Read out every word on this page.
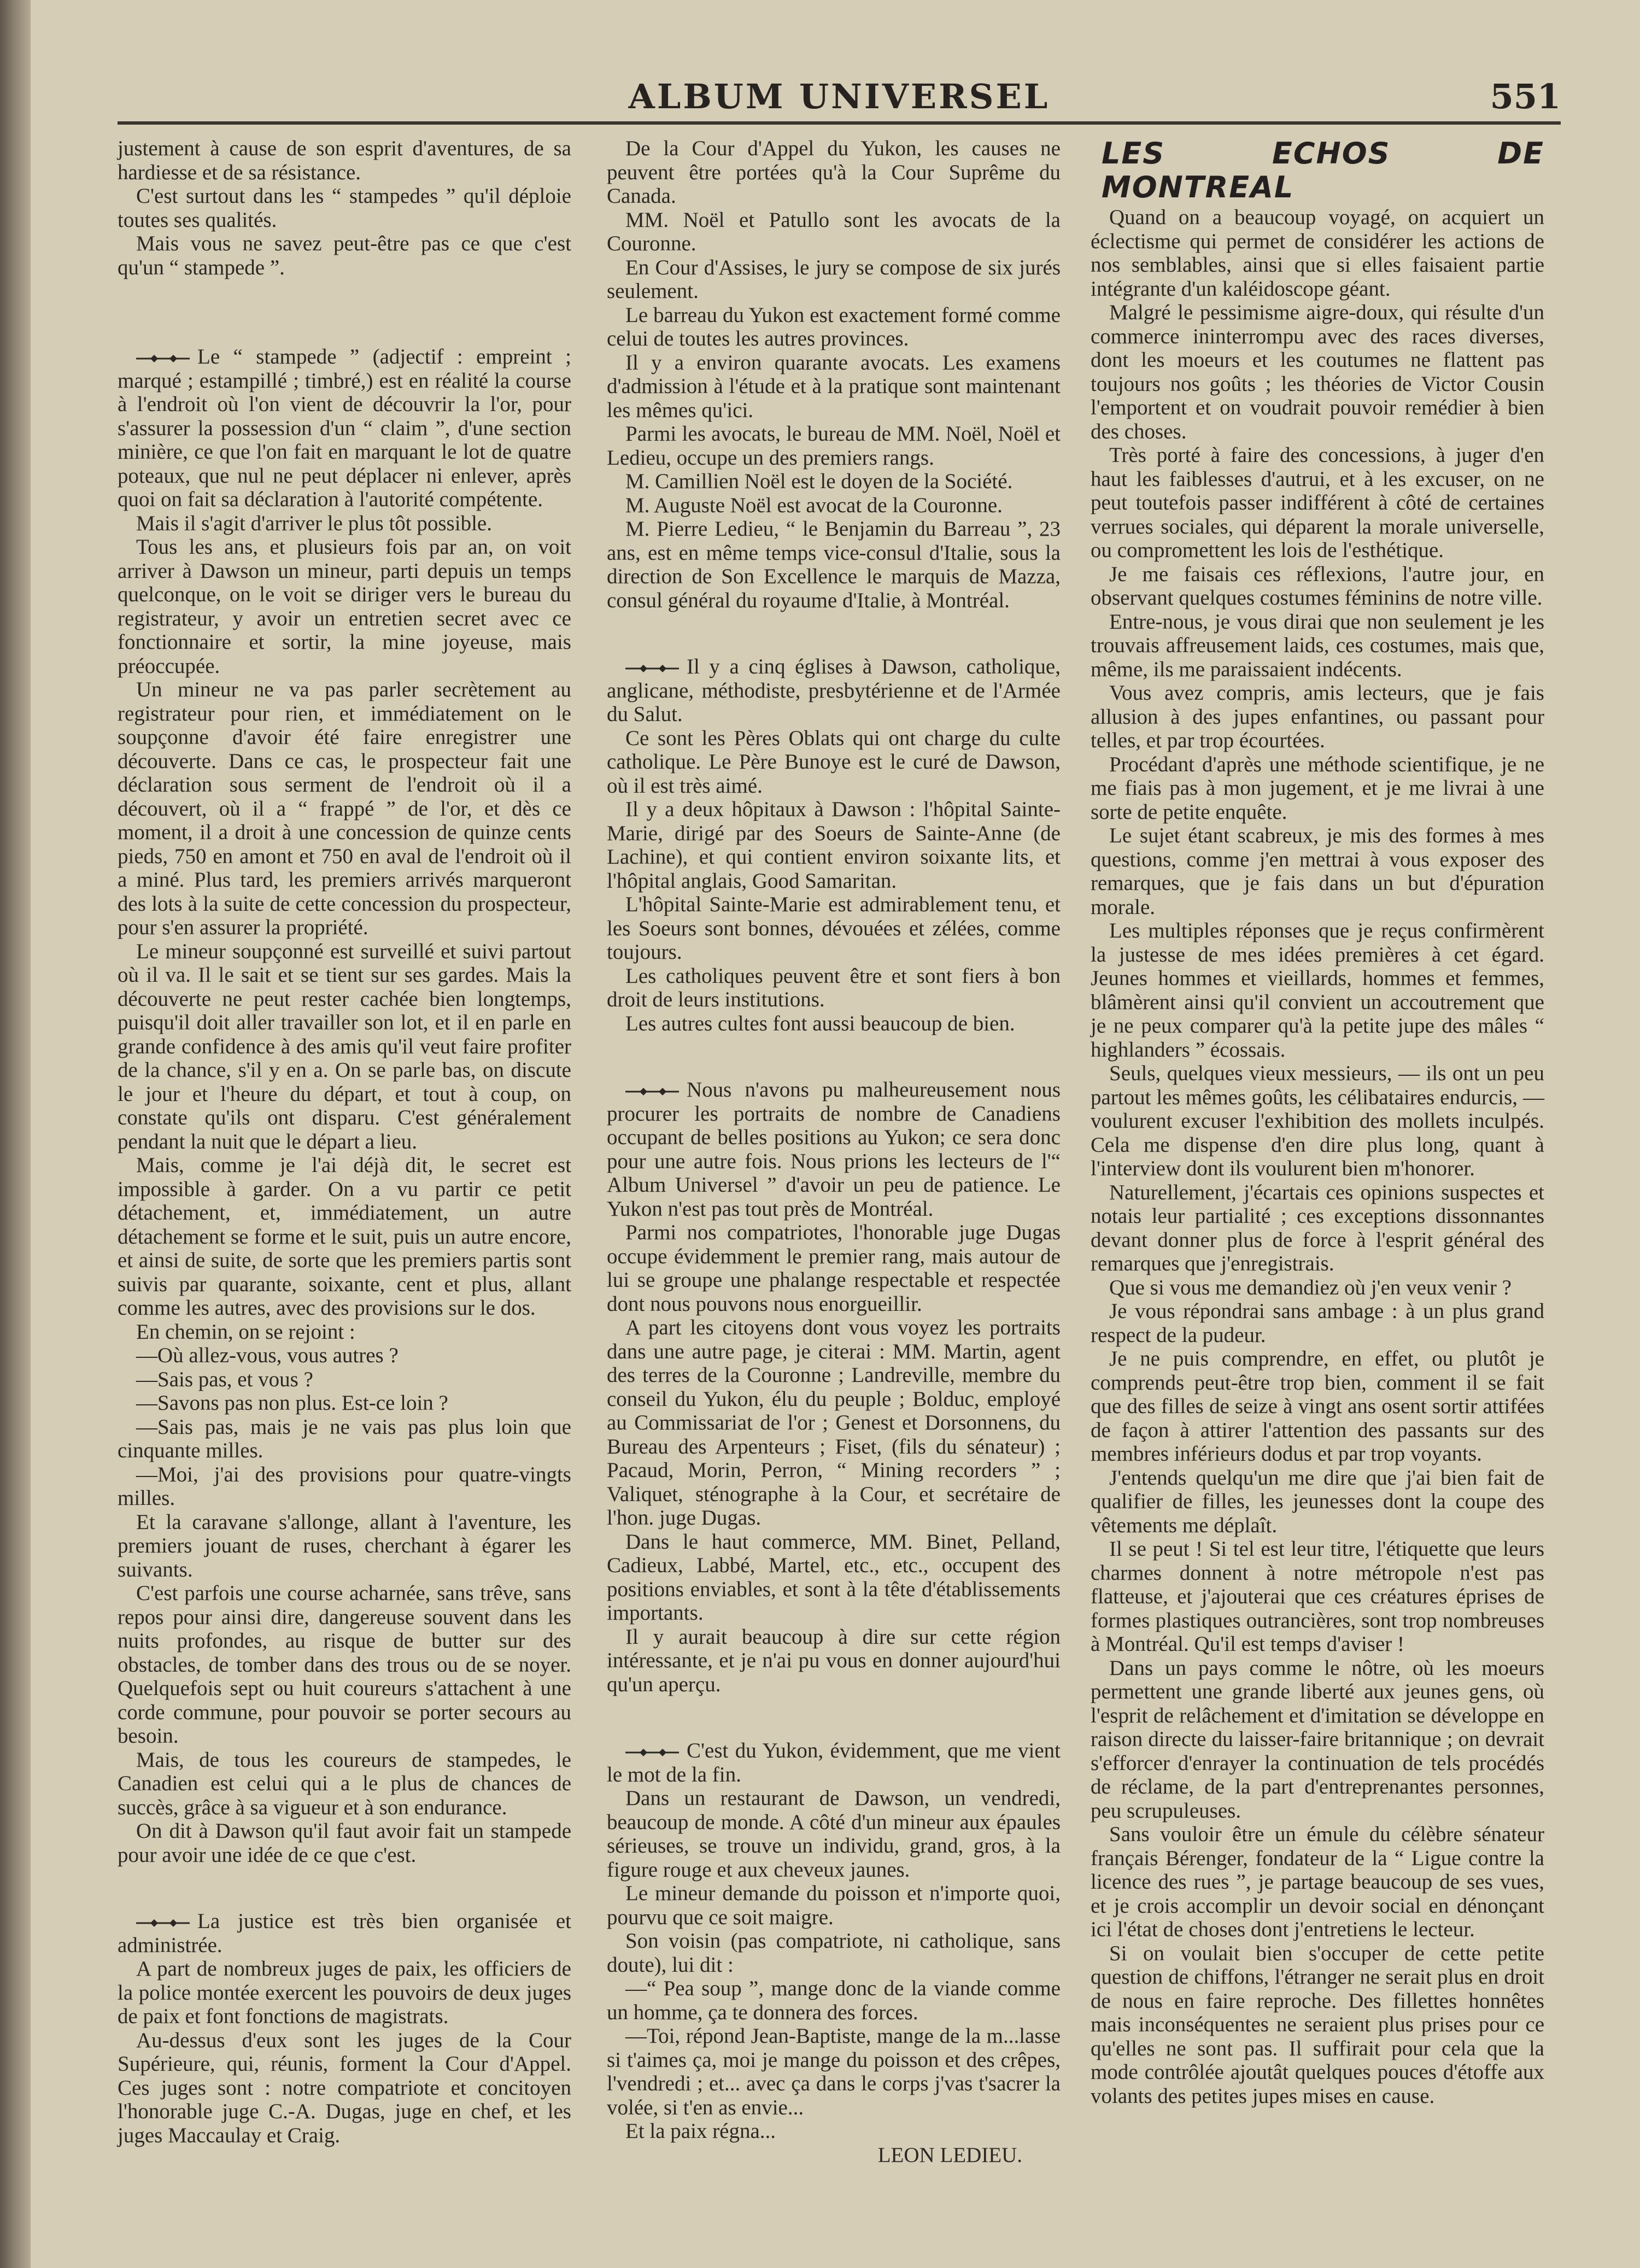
ALBUM UNIVERSEL	551

justement à cause de son esprit d'aventures, de sa hardiesse et de sa résistance.

C'est surtout dans les “ stampedes ” qu'il déploie toutes ses qualités.

Mais vous ne savez peut-être pas ce que c'est qu'un “ stampede ”.

Le “ stampede ” (adjectif : empreint ; marqué ; estampillé ; timbré,) est en réalité la course à l'endroit où l'on vient de découvrir la l'or, pour s'assurer la possession d'un “ claim ”, d'une section minière, ce que l'on fait en marquant le lot de quatre poteaux, que nul ne peut déplacer ni enlever, après quoi on fait sa déclaration à l'autorité compétente.

Mais il s'agit d'arriver le plus tôt possible.

Tous les ans, et plusieurs fois par an, on voit arriver à Dawson un mineur, parti depuis un temps quelconque, on le voit se diriger vers le bureau du registrateur, y avoir un entretien secret avec ce fonctionnaire et sortir, la mine joyeuse, mais préoccupée.

Un mineur ne va pas parler secrètement au registrateur pour rien, et immédiatement on le soupçonne d'avoir été faire enregistrer une découverte. Dans ce cas, le prospecteur fait une déclaration sous serment de l'endroit où il a découvert, où il a “ frappé ” de l'or, et dès ce moment, il a droit à une concession de quinze cents pieds, 750 en amont et 750 en aval de l'endroit où il a miné. Plus tard, les premiers arrivés marqueront des lots à la suite de cette concession du prospecteur, pour s'en assurer la propriété.

Le mineur soupçonné est surveillé et suivi partout où il va. Il le sait et se tient sur ses gardes. Mais la découverte ne peut rester cachée bien longtemps, puisqu'il doit aller travailler son lot, et il en parle en grande confidence à des amis qu'il veut faire profiter de la chance, s'il y en a. On se parle bas, on discute le jour et l'heure du départ, et tout à coup, on constate qu'ils ont disparu. C'est généralement pendant la nuit que le départ a lieu.

Mais, comme je l'ai déjà dit, le secret est impossible à garder. On a vu partir ce petit détachement, et, immédiatement, un autre détachement se forme et le suit, puis un autre encore, et ainsi de suite, de sorte que les premiers partis sont suivis par quarante, soixante, cent et plus, allant comme les autres, avec des provisions sur le dos.

En chemin, on se rejoint :

—Où allez-vous, vous autres ?

—Sais pas, et vous ?

—Savons pas non plus. Est-ce loin ?

—Sais pas, mais je ne vais pas plus loin que cinquante milles.

—Moi, j'ai des provisions pour quatre-vingts milles.

Et la caravane s'allonge, allant à l'aventure, les premiers jouant de ruses, cherchant à égarer les suivants.

C'est parfois une course acharnée, sans trêve, sans repos pour ainsi dire, dangereuse souvent dans les nuits profondes, au risque de butter sur des obstacles, de tomber dans des trous ou de se noyer. Quelquefois sept ou huit coureurs s'attachent à une corde commune, pour pouvoir se porter secours au besoin.

Mais, de tous les coureurs de stampedes, le Canadien est celui qui a le plus de chances de succès, grâce à sa vigueur et à son endurance.

On dit à Dawson qu'il faut avoir fait un stampede pour avoir une idée de ce que c'est.

La justice est très bien organisée et administrée.

A part de nombreux juges de paix, les officiers de la police montée exercent les pouvoirs de deux juges de paix et font fonctions de magistrats.

Au-dessus d'eux sont les juges de la Cour Supérieure, qui, réunis, forment la Cour d'Appel. Ces juges sont : notre compatriote et concitoyen l'honorable juge C.-A. Dugas, juge en chef, et les juges Maccaulay et Craig.

De la Cour d'Appel du Yukon, les causes ne peuvent être portées qu'à la Cour Suprême du Canada.

MM. Noël et Patullo sont les avocats de la Couronne.

En Cour d'Assises, le jury se compose de six jurés seulement.

Le barreau du Yukon est exactement formé comme celui de toutes les autres provinces.

Il y a environ quarante avocats. Les examens d'admission à l'étude et à la pratique sont maintenant les mêmes qu'ici.

Parmi les avocats, le bureau de MM. Noël, Noël et Ledieu, occupe un des premiers rangs.

M. Camillien Noël est le doyen de la Société.

M. Auguste Noël est avocat de la Couronne.

M. Pierre Ledieu, “ le Benjamin du Barreau ”, 23 ans, est en même temps vice-consul d'Italie, sous la direction de Son Excellence le marquis de Mazza, consul général du royaume d'Italie, à Montréal.

Il y a cinq églises à Dawson, catholique, anglicane, méthodiste, presbytérienne et de l'Armée du Salut.

Ce sont les Pères Oblats qui ont charge du culte catholique. Le Père Bunoye est le curé de Dawson, où il est très aimé.

Il y a deux hôpitaux à Dawson : l'hôpital Sainte-Marie, dirigé par des Soeurs de Sainte-Anne (de Lachine), et qui contient environ soixante lits, et l'hôpital anglais, Good Samaritan.

L'hôpital Sainte-Marie est admirablement tenu, et les Soeurs sont bonnes, dévouées et zélées, comme toujours.

Les catholiques peuvent être et sont fiers à bon droit de leurs institutions.

Les autres cultes font aussi beaucoup de bien.

Nous n'avons pu malheureusement nous procurer les portraits de nombre de Canadiens occupant de belles positions au Yukon; ce sera donc pour une autre fois. Nous prions les lecteurs de l'“ Album Universel ” d'avoir un peu de patience. Le Yukon n'est pas tout près de Montréal.

Parmi nos compatriotes, l'honorable juge Dugas occupe évidemment le premier rang, mais autour de lui se groupe une phalange respectable et respectée dont nous pouvons nous enorgueillir.

A part les citoyens dont vous voyez les portraits dans une autre page, je citerai : MM. Martin, agent des terres de la Couronne ; Landreville, membre du conseil du Yukon, élu du peuple ; Bolduc, employé au Commissariat de l'or ; Genest et Dorsonnens, du Bureau des Arpenteurs ; Fiset, (fils du sénateur) ; Pacaud, Morin, Perron, “ Mining recorders ” ; Valiquet, sténographe à la Cour, et secrétaire de l'hon. juge Dugas.

Dans le haut commerce, MM. Binet, Pelland, Cadieux, Labbé, Martel, etc., etc., occupent des positions enviables, et sont à la tête d'établissements importants.

Il y aurait beaucoup à dire sur cette région intéressante, et je n'ai pu vous en donner aujourd'hui qu'un aperçu.

C'est du Yukon, évidemment, que me vient le mot de la fin.

Dans un restaurant de Dawson, un vendredi, beaucoup de monde. A côté d'un mineur aux épaules sérieuses, se trouve un individu, grand, gros, à la figure rouge et aux cheveux jaunes.

Le mineur demande du poisson et n'importe quoi, pourvu que ce soit maigre.

Son voisin (pas compatriote, ni catholique, sans doute), lui dit :

—“ Pea soup ”, mange donc de la viande comme un homme, ça te donnera des forces.

—Toi, répond Jean-Baptiste, mange de la m...lasse si t'aimes ça, moi je mange du poisson et des crêpes, l'vendredi ; et... avec ça dans le corps j'vas t'sacrer la volée, si t'en as envie...

Et la paix régna...

LEON LEDIEU.

LES ECHOS DE MONTREAL

Quand on a beaucoup voyagé, on acquiert un éclectisme qui permet de considérer les actions de nos semblables, ainsi que si elles faisaient partie intégrante d'un kaléidoscope géant.

Malgré le pessimisme aigre-doux, qui résulte d'un commerce ininterrompu avec des races diverses, dont les moeurs et les coutumes ne flattent pas toujours nos goûts ; les théories de Victor Cousin l'emportent et on voudrait pouvoir remédier à bien des choses.

Très porté à faire des concessions, à juger d'en haut les faiblesses d'autrui, et à les excuser, on ne peut toutefois passer indifférent à côté de certaines verrues sociales, qui déparent la morale universelle, ou compromettent les lois de l'esthétique.

Je me faisais ces réflexions, l'autre jour, en observant quelques costumes féminins de notre ville.

Entre-nous, je vous dirai que non seulement je les trouvais affreusement laids, ces costumes, mais que, même, ils me paraissaient indécents.

Vous avez compris, amis lecteurs, que je fais allusion à des jupes enfantines, ou passant pour telles, et par trop écourtées.

Procédant d'après une méthode scientifique, je ne me fiais pas à mon jugement, et je me livrai à une sorte de petite enquête.

Le sujet étant scabreux, je mis des formes à mes questions, comme j'en mettrai à vous exposer des remarques, que je fais dans un but d'épuration morale.

Les multiples réponses que je reçus confirmèrent la justesse de mes idées premières à cet égard. Jeunes hommes et vieillards, hommes et femmes, blâmèrent ainsi qu'il convient un accoutrement que je ne peux comparer qu'à la petite jupe des mâles “ highlanders ” écossais.

Seuls, quelques vieux messieurs, — ils ont un peu partout les mêmes goûts, les célibataires endurcis, — voulurent excuser l'exhibition des mollets inculpés. Cela me dispense d'en dire plus long, quant à l'interview dont ils voulurent bien m'honorer.

Naturellement, j'écartais ces opinions suspectes et notais leur partialité ; ces exceptions dissonnantes devant donner plus de force à l'esprit général des remarques que j'enregistrais.

Que si vous me demandiez où j'en veux venir ?

Je vous répondrai sans ambage : à un plus grand respect de la pudeur.

Je ne puis comprendre, en effet, ou plutôt je comprends peut-être trop bien, comment il se fait que des filles de seize à vingt ans osent sortir attifées de façon à attirer l'attention des passants sur des membres inférieurs dodus et par trop voyants.

J'entends quelqu'un me dire que j'ai bien fait de qualifier de filles, les jeunesses dont la coupe des vêtements me déplaît.

Il se peut ! Si tel est leur titre, l'étiquette que leurs charmes donnent à notre métropole n'est pas flatteuse, et j'ajouterai que ces créatures éprises de formes plastiques outrancières, sont trop nombreuses à Montréal. Qu'il est temps d'aviser !

Dans un pays comme le nôtre, où les moeurs permettent une grande liberté aux jeunes gens, où l'esprit de relâchement et d'imitation se développe en raison directe du laisser-faire britannique ; on devrait s'efforcer d'enrayer la continuation de tels procédés de réclame, de la part d'entreprenantes personnes, peu scrupuleuses.

Sans vouloir être un émule du célèbre sénateur français Bérenger, fondateur de la “ Ligue contre la licence des rues ”, je partage beaucoup de ses vues, et je crois accomplir un devoir social en dénonçant ici l'état de choses dont j'entretiens le lecteur.

Si on voulait bien s'occuper de cette petite question de chiffons, l'étranger ne serait plus en droit de nous en faire reproche. Des fillettes honnêtes mais inconséquentes ne seraient plus prises pour ce qu'elles ne sont pas. Il suffirait pour cela que la mode contrôlée ajoutât quelques pouces d'étoffe aux volants des petites jupes mises en cause.
